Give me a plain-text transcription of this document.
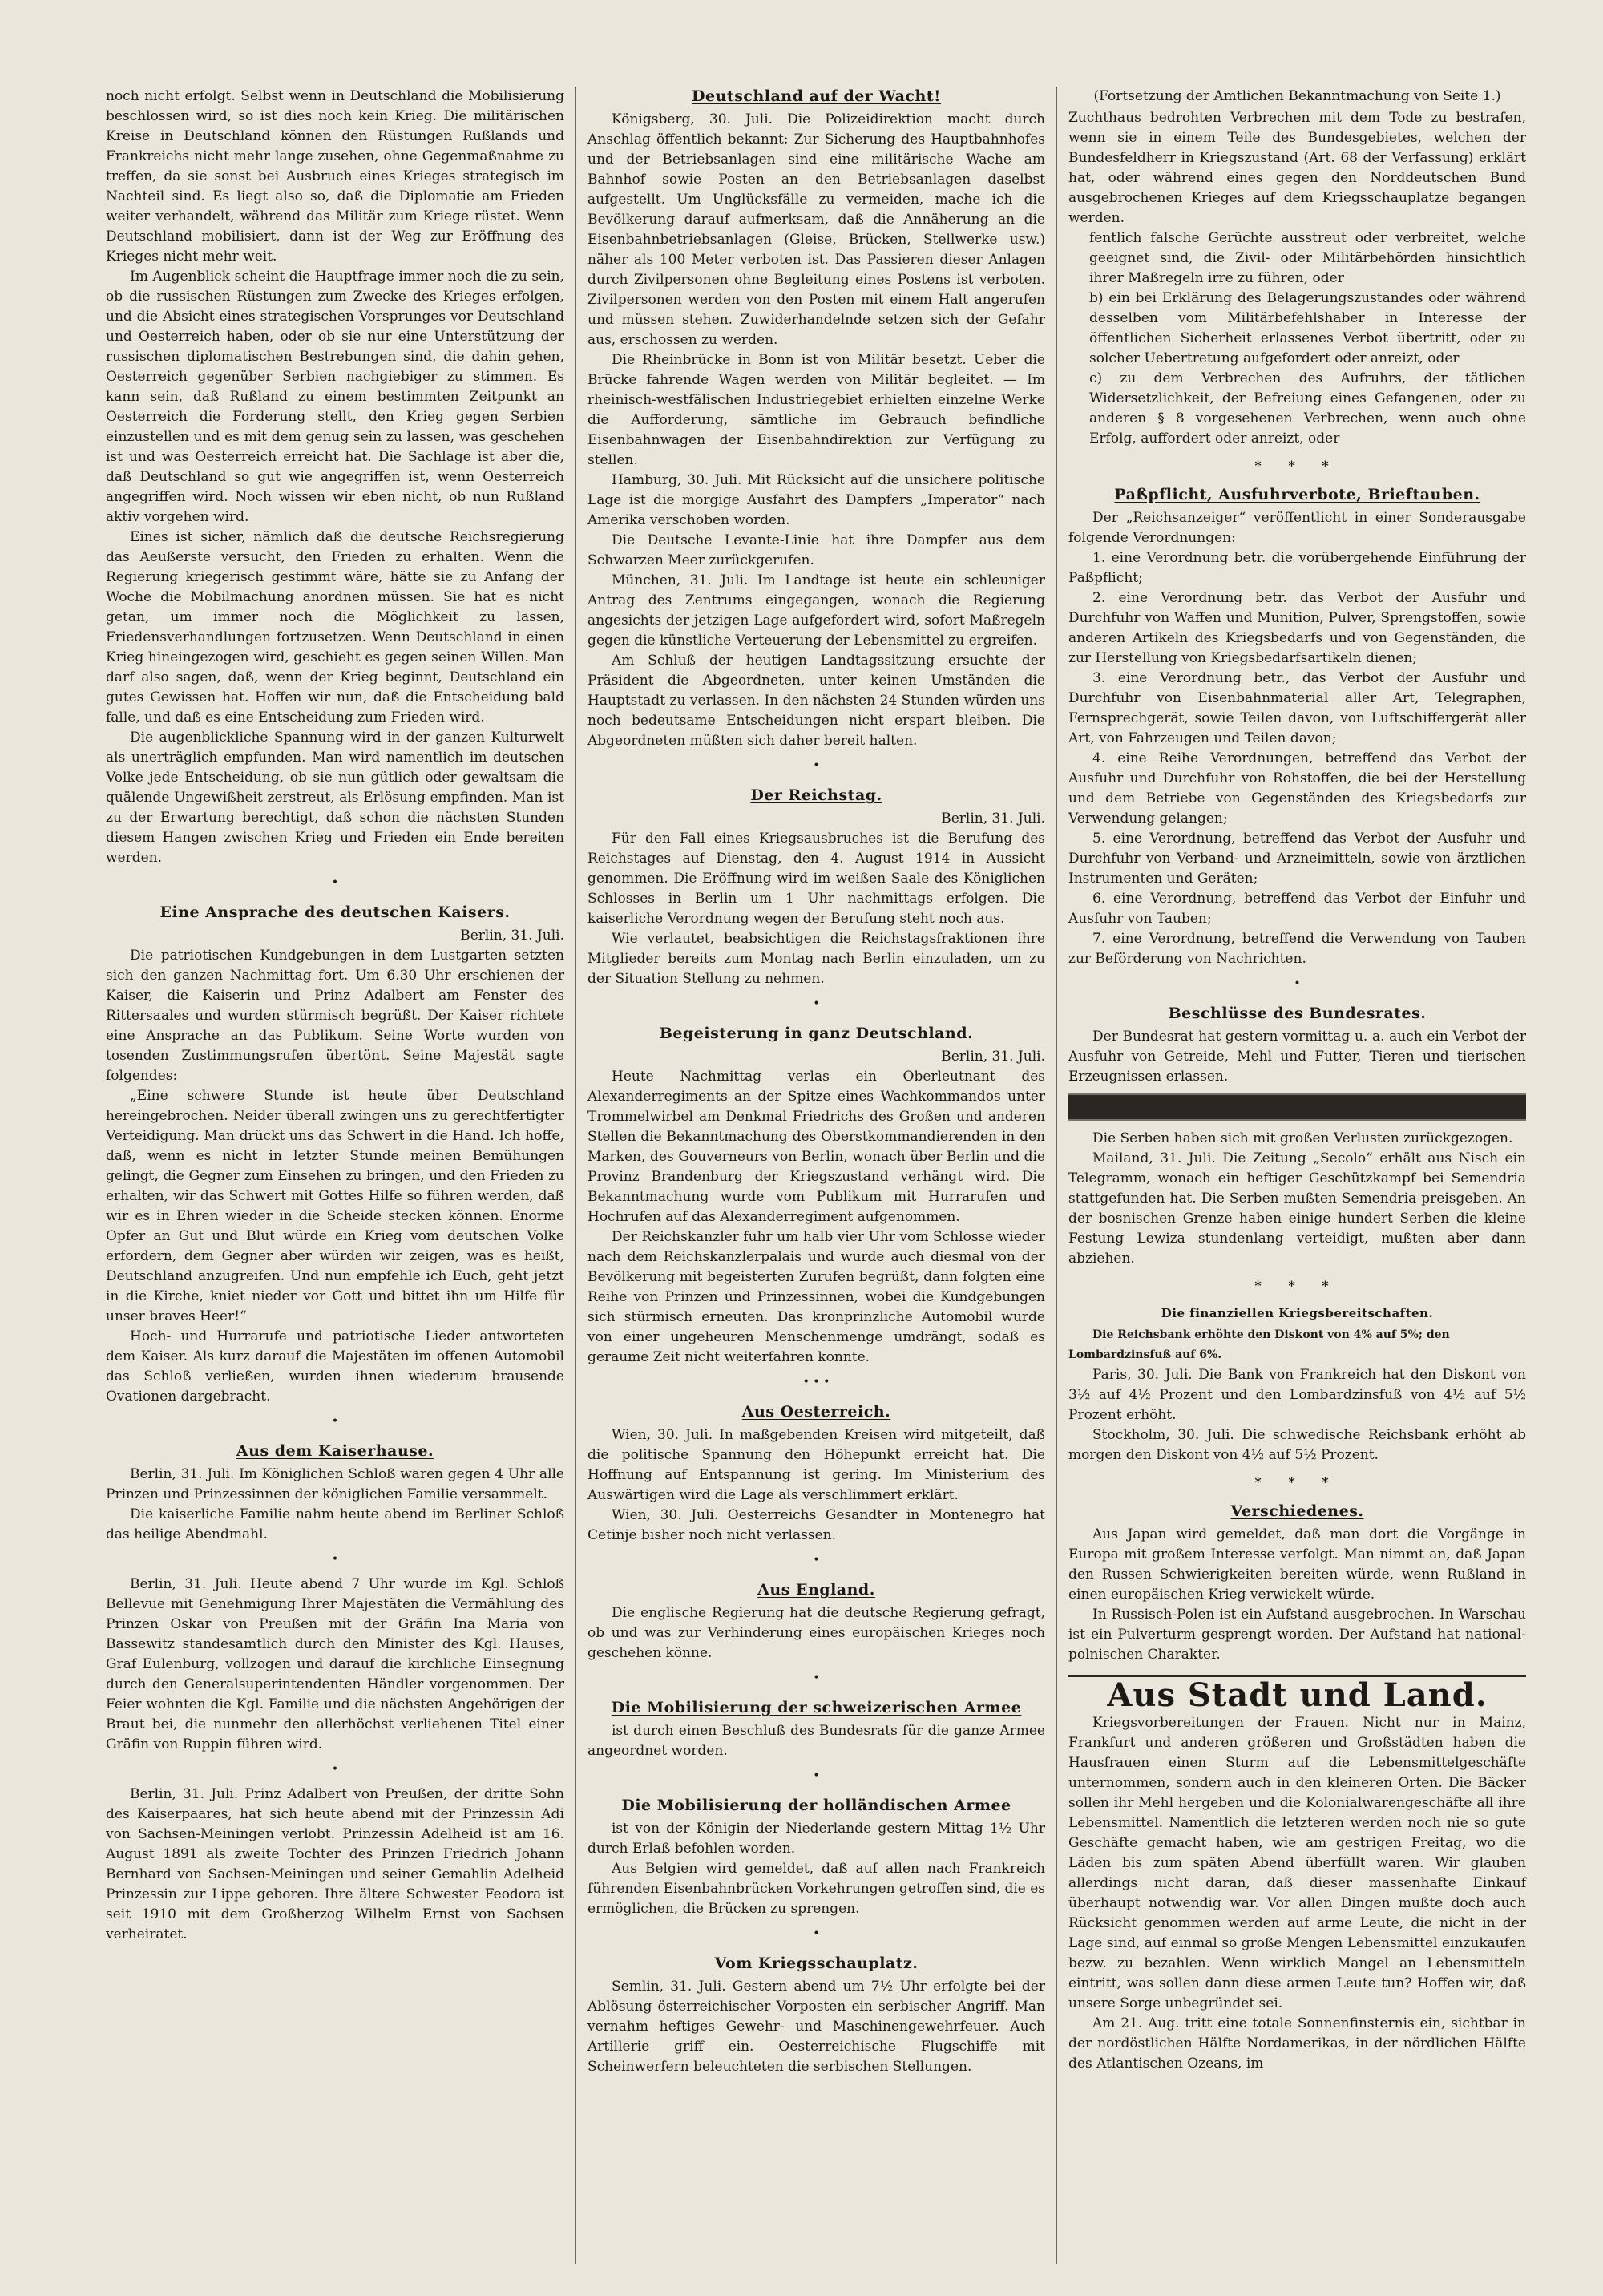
noch nicht erfolgt. Selbst wenn in Deutschland die Mobilisierung beschlossen wird, so ist dies noch kein Krieg. Die militärischen Kreise in Deutschland können den Rüstungen Rußlands und Frankreichs nicht mehr lange zusehen, ohne Gegenmaßnahme zu treffen, da sie sonst bei Ausbruch eines Krieges strategisch im Nachteil sind. Es liegt also so, daß die Diplomatie am Frieden weiter verhandelt, während das Militär zum Kriege rüstet. Wenn Deutschland mobilisiert, dann ist der Weg zur Eröffnung des Krieges nicht mehr weit.

Im Augenblick scheint die Hauptfrage immer noch die zu sein, ob die russischen Rüstungen zum Zwecke des Krieges erfolgen, und die Absicht eines strategischen Vorsprunges vor Deutschland und Oesterreich haben, oder ob sie nur eine Unterstützung der russischen diplomatischen Bestrebungen sind, die dahin gehen, Oesterreich gegenüber Serbien nachgiebiger zu stimmen. Es kann sein, daß Rußland zu einem bestimmten Zeitpunkt an Oesterreich die Forderung stellt, den Krieg gegen Serbien einzustellen und es mit dem genug sein zu lassen, was geschehen ist und was Oesterreich erreicht hat. Die Sachlage ist aber die, daß Deutschland so gut wie angegriffen ist, wenn Oesterreich angegriffen wird. Noch wissen wir eben nicht, ob nun Rußland aktiv vorgehen wird.

Eines ist sicher, nämlich daß die deutsche Reichsregierung das Aeußerste versucht, den Frieden zu erhalten. Wenn die Regierung kriegerisch gestimmt wäre, hätte sie zu Anfang der Woche die Mobilmachung anordnen müssen. Sie hat es nicht getan, um immer noch die Möglichkeit zu lassen, Friedensverhandlungen fortzusetzen. Wenn Deutschland in einen Krieg hineingezogen wird, geschieht es gegen seinen Willen. Man darf also sagen, daß, wenn der Krieg beginnt, Deutschland ein gutes Gewissen hat. Hoffen wir nun, daß die Entscheidung bald falle, und daß es eine Entscheidung zum Frieden wird.

Die augenblickliche Spannung wird in der ganzen Kulturwelt als unerträglich empfunden. Man wird namentlich im deutschen Volke jede Entscheidung, ob sie nun gütlich oder gewaltsam die quälende Ungewißheit zerstreut, als Erlösung empfinden. Man ist zu der Erwartung berechtigt, daß schon die nächsten Stunden diesem Hangen zwischen Krieg und Frieden ein Ende bereiten werden.

•
Eine Ansprache des deutschen Kaisers.

Berlin, 31. Juli.

Die patriotischen Kundgebungen in dem Lustgarten setzten sich den ganzen Nachmittag fort. Um 6.30 Uhr erschienen der Kaiser, die Kaiserin und Prinz Adalbert am Fenster des Rittersaales und wurden stürmisch begrüßt. Der Kaiser richtete eine Ansprache an das Publikum. Seine Worte wurden von tosenden Zustimmungsrufen übertönt. Seine Majestät sagte folgendes:

„Eine schwere Stunde ist heute über Deutschland hereingebrochen. Neider überall zwingen uns zu gerechtfertigter Verteidigung. Man drückt uns das Schwert in die Hand. Ich hoffe, daß, wenn es nicht in letzter Stunde meinen Bemühungen gelingt, die Gegner zum Einsehen zu bringen, und den Frieden zu erhalten, wir das Schwert mit Gottes Hilfe so führen werden, daß wir es in Ehren wieder in die Scheide stecken können. Enorme Opfer an Gut und Blut würde ein Krieg vom deutschen Volke erfordern, dem Gegner aber würden wir zeigen, was es heißt, Deutschland anzugreifen. Und nun empfehle ich Euch, geht jetzt in die Kirche, kniet nieder vor Gott und bittet ihn um Hilfe für unser braves Heer!“

Hoch- und Hurrarufe und patriotische Lieder antworteten dem Kaiser. Als kurz darauf die Majestäten im offenen Automobil das Schloß verließen, wurden ihnen wiederum brausende Ovationen dargebracht.

•
Aus dem Kaiserhause.

Berlin, 31. Juli. Im Königlichen Schloß waren gegen 4 Uhr alle Prinzen und Prinzessinnen der königlichen Familie versammelt.

Die kaiserliche Familie nahm heute abend im Berliner Schloß das heilige Abendmahl.

•

Berlin, 31. Juli. Heute abend 7 Uhr wurde im Kgl. Schloß Bellevue mit Genehmigung Ihrer Majestäten die Vermählung des Prinzen Oskar von Preußen mit der Gräfin Ina Maria von Bassewitz standesamtlich durch den Minister des Kgl. Hauses, Graf Eulenburg, vollzogen und darauf die kirchliche Einsegnung durch den Generalsuperintendenten Händler vorgenommen. Der Feier wohnten die Kgl. Familie und die nächsten Angehörigen der Braut bei, die nunmehr den allerhöchst verliehenen Titel einer Gräfin von Ruppin führen wird.

•

Berlin, 31. Juli. Prinz Adalbert von Preußen, der dritte Sohn des Kaiserpaares, hat sich heute abend mit der Prinzessin Adi von Sachsen-Meiningen verlobt. Prinzessin Adelheid ist am 16. August 1891 als zweite Tochter des Prinzen Friedrich Johann Bernhard von Sachsen-Meiningen und seiner Gemahlin Adelheid Prinzessin zur Lippe geboren. Ihre ältere Schwester Feodora ist seit 1910 mit dem Großherzog Wilhelm Ernst von Sachsen verheiratet.

Deutschland auf der Wacht!

Königsberg, 30. Juli. Die Polizeidirektion macht durch Anschlag öffentlich bekannt: Zur Sicherung des Hauptbahnhofes und der Betriebsanlagen sind eine militärische Wache am Bahnhof sowie Posten an den Betriebsanlagen daselbst aufgestellt. Um Unglücksfälle zu vermeiden, mache ich die Bevölkerung darauf aufmerksam, daß die Annäherung an die Eisenbahnbetriebsanlagen (Gleise, Brücken, Stellwerke usw.) näher als 100 Meter verboten ist. Das Passieren dieser Anlagen durch Zivilpersonen ohne Begleitung eines Postens ist verboten. Zivilpersonen werden von den Posten mit einem Halt angerufen und müssen stehen. Zuwiderhandelnde setzen sich der Gefahr aus, erschossen zu werden.

Die Rheinbrücke in Bonn ist von Militär besetzt. Ueber die Brücke fahrende Wagen werden von Militär begleitet. — Im rheinisch-westfälischen Industriegebiet erhielten einzelne Werke die Aufforderung, sämtliche im Gebrauch befindliche Eisenbahnwagen der Eisenbahndirektion zur Verfügung zu stellen.

Hamburg, 30. Juli. Mit Rücksicht auf die unsichere politische Lage ist die morgige Ausfahrt des Dampfers „Imperator“ nach Amerika verschoben worden.

Die Deutsche Levante-Linie hat ihre Dampfer aus dem Schwarzen Meer zurückgerufen.

München, 31. Juli. Im Landtage ist heute ein schleuniger Antrag des Zentrums eingegangen, wonach die Regierung angesichts der jetzigen Lage aufgefordert wird, sofort Maßregeln gegen die künstliche Verteuerung der Lebensmittel zu ergreifen.

Am Schluß der heutigen Landtagssitzung ersuchte der Präsident die Abgeordneten, unter keinen Umständen die Hauptstadt zu verlassen. In den nächsten 24 Stunden würden uns noch bedeutsame Entscheidungen nicht erspart bleiben. Die Abgeordneten müßten sich daher bereit halten.

•
Der Reichstag.

Berlin, 31. Juli.

Für den Fall eines Kriegsausbruches ist die Berufung des Reichstages auf Dienstag, den 4. August 1914 in Aussicht genommen. Die Eröffnung wird im weißen Saale des Königlichen Schlosses in Berlin um 1 Uhr nachmittags erfolgen. Die kaiserliche Verordnung wegen der Berufung steht noch aus.

Wie verlautet, beabsichtigen die Reichstagsfraktionen ihre Mitglieder bereits zum Montag nach Berlin einzuladen, um zu der Situation Stellung zu nehmen.

•
Begeisterung in ganz Deutschland.

Berlin, 31. Juli.

Heute Nachmittag verlas ein Oberleutnant des Alexanderregiments an der Spitze eines Wachkommandos unter Trommelwirbel am Denkmal Friedrichs des Großen und anderen Stellen die Bekanntmachung des Oberstkommandierenden in den Marken, des Gouverneurs von Berlin, wonach über Berlin und die Provinz Brandenburg der Kriegszustand verhängt wird. Die Bekanntmachung wurde vom Publikum mit Hurrarufen und Hochrufen auf das Alexanderregiment aufgenommen.

Der Reichskanzler fuhr um halb vier Uhr vom Schlosse wieder nach dem Reichskanzlerpalais und wurde auch diesmal von der Bevölkerung mit begeisterten Zurufen begrüßt, dann folgten eine Reihe von Prinzen und Prinzessinnen, wobei die Kundgebungen sich stürmisch erneuten. Das kronprinzliche Automobil wurde von einer ungeheuren Menschenmenge umdrängt, sodaß es geraume Zeit nicht weiterfahren konnte.

• • •
Aus Oesterreich.

Wien, 30. Juli. In maßgebenden Kreisen wird mitgeteilt, daß die politische Spannung den Höhepunkt erreicht hat. Die Hoffnung auf Entspannung ist gering. Im Ministerium des Auswärtigen wird die Lage als verschlimmert erklärt.

Wien, 30. Juli. Oesterreichs Gesandter in Montenegro hat Cetinje bisher noch nicht verlassen.

•
Aus England.

Die englische Regierung hat die deutsche Regierung gefragt, ob und was zur Verhinderung eines europäischen Krieges noch geschehen könne.

•
Die Mobilisierung der schweizerischen Armee

ist durch einen Beschluß des Bundesrats für die ganze Armee angeordnet worden.

•
Die Mobilisierung der holländischen Armee

ist von der Königin der Niederlande gestern Mittag 1½ Uhr durch Erlaß befohlen worden.

Aus Belgien wird gemeldet, daß auf allen nach Frankreich führenden Eisenbahnbrücken Vorkehrungen getroffen sind, die es ermöglichen, die Brücken zu sprengen.

•
Vom Kriegsschauplatz.

Semlin, 31. Juli. Gestern abend um 7½ Uhr erfolgte bei der Ablösung österreichischer Vorposten ein serbischer Angriff. Man vernahm heftiges Gewehr- und Maschinengewehrfeuer. Auch Artillerie griff ein. Oesterreichische Flugschiffe mit Scheinwerfern beleuchteten die serbischen Stellungen.

(Fortsetzung der Amtlichen Bekanntmachung von Seite 1.)

Zuchthaus bedrohten Verbrechen mit dem Tode zu bestrafen, wenn sie in einem Teile des Bundesgebietes, welchen der Bundesfeldherr in Kriegszustand (Art. 68 der Verfassung) erklärt hat, oder während eines gegen den Norddeutschen Bund ausgebrochenen Krieges auf dem Kriegsschauplatze begangen werden.

fentlich falsche Gerüchte ausstreut oder verbreitet, welche geeignet sind, die Zivil- oder Militärbehörden hinsichtlich ihrer Maßregeln irre zu führen, oder

b) ein bei Erklärung des Belagerungszustandes oder während desselben vom Militärbefehlshaber in Interesse der öffentlichen Sicherheit erlassenes Verbot übertritt, oder zu solcher Uebertretung aufgefordert oder anreizt, oder

c) zu dem Verbrechen des Aufruhrs, der tätlichen Widersetzlichkeit, der Befreiung eines Gefangenen, oder zu anderen § 8 vorgesehenen Verbrechen, wenn auch ohne Erfolg, auffordert oder anreizt, oder

* * *
Paßpflicht, Ausfuhrverbote, Brieftauben.

Der „Reichsanzeiger“ veröffentlicht in einer Sonderausgabe folgende Verordnungen:

1. eine Verordnung betr. die vorübergehende Einführung der Paßpflicht;

2. eine Verordnung betr. das Verbot der Ausfuhr und Durchfuhr von Waffen und Munition, Pulver, Sprengstoffen, sowie anderen Artikeln des Kriegsbedarfs und von Gegenständen, die zur Herstellung von Kriegsbedarfsartikeln dienen;

3. eine Verordnung betr., das Verbot der Ausfuhr und Durchfuhr von Eisenbahnmaterial aller Art, Telegraphen, Fernsprechgerät, sowie Teilen davon, von Luftschiffergerät aller Art, von Fahrzeugen und Teilen davon;

4. eine Reihe Verordnungen, betreffend das Verbot der Ausfuhr und Durchfuhr von Rohstoffen, die bei der Herstellung und dem Betriebe von Gegenständen des Kriegsbedarfs zur Verwendung gelangen;

5. eine Verordnung, betreffend das Verbot der Ausfuhr und Durchfuhr von Verband- und Arzneimitteln, sowie von ärztlichen Instrumenten und Geräten;

6. eine Verordnung, betreffend das Verbot der Einfuhr und Ausfuhr von Tauben;

7. eine Verordnung, betreffend die Verwendung von Tauben zur Beförderung von Nachrichten.

•
Beschlüsse des Bundesrates.

Der Bundesrat hat gestern vormittag u. a. auch ein Verbot der Ausfuhr von Getreide, Mehl und Futter, Tieren und tierischen Erzeugnissen erlassen.

Die Serben haben sich mit großen Verlusten zurückgezogen.

Mailand, 31. Juli. Die Zeitung „Secolo“ erhält aus Nisch ein Telegramm, wonach ein heftiger Geschützkampf bei Semendria stattgefunden hat. Die Serben mußten Semendria preisgeben. An der bosnischen Grenze haben einige hundert Serben die kleine Festung Lewiza stundenlang verteidigt, mußten aber dann abziehen.

* * *
Die finanziellen Kriegsbereitschaften.

Die Reichsbank erhöhte den Diskont von 4% auf 5%; den Lombardzinsfuß auf 6%.

Paris, 30. Juli. Die Bank von Frankreich hat den Diskont von 3½ auf 4½ Prozent und den Lombardzinsfuß von 4½ auf 5½ Prozent erhöht.

Stockholm, 30. Juli. Die schwedische Reichsbank erhöht ab morgen den Diskont von 4½ auf 5½ Prozent.

* * *
Verschiedenes.

Aus Japan wird gemeldet, daß man dort die Vorgänge in Europa mit großem Interesse verfolgt. Man nimmt an, daß Japan den Russen Schwierigkeiten bereiten würde, wenn Rußland in einen europäischen Krieg verwickelt würde.

In Russisch-Polen ist ein Aufstand ausgebrochen. In Warschau ist ein Pulverturm gesprengt worden. Der Aufstand hat national-polnischen Charakter.

Aus Stadt und Land.

Kriegsvorbereitungen der Frauen. Nicht nur in Mainz, Frankfurt und anderen größeren und Großstädten haben die Hausfrauen einen Sturm auf die Lebensmittelgeschäfte unternommen, sondern auch in den kleineren Orten. Die Bäcker sollen ihr Mehl hergeben und die Kolonialwarengeschäfte all ihre Lebensmittel. Namentlich die letzteren werden noch nie so gute Geschäfte gemacht haben, wie am gestrigen Freitag, wo die Läden bis zum späten Abend überfüllt waren. Wir glauben allerdings nicht daran, daß dieser massenhafte Einkauf überhaupt notwendig war. Vor allen Dingen mußte doch auch Rücksicht genommen werden auf arme Leute, die nicht in der Lage sind, auf einmal so große Mengen Lebensmittel einzukaufen bezw. zu bezahlen. Wenn wirklich Mangel an Lebensmitteln eintritt, was sollen dann diese armen Leute tun? Hoffen wir, daß unsere Sorge unbegründet sei.

Am 21. Aug. tritt eine totale Sonnenfinsternis ein, sichtbar in der nordöstlichen Hälfte Nordamerikas, in der nördlichen Hälfte des Atlantischen Ozeans, im
